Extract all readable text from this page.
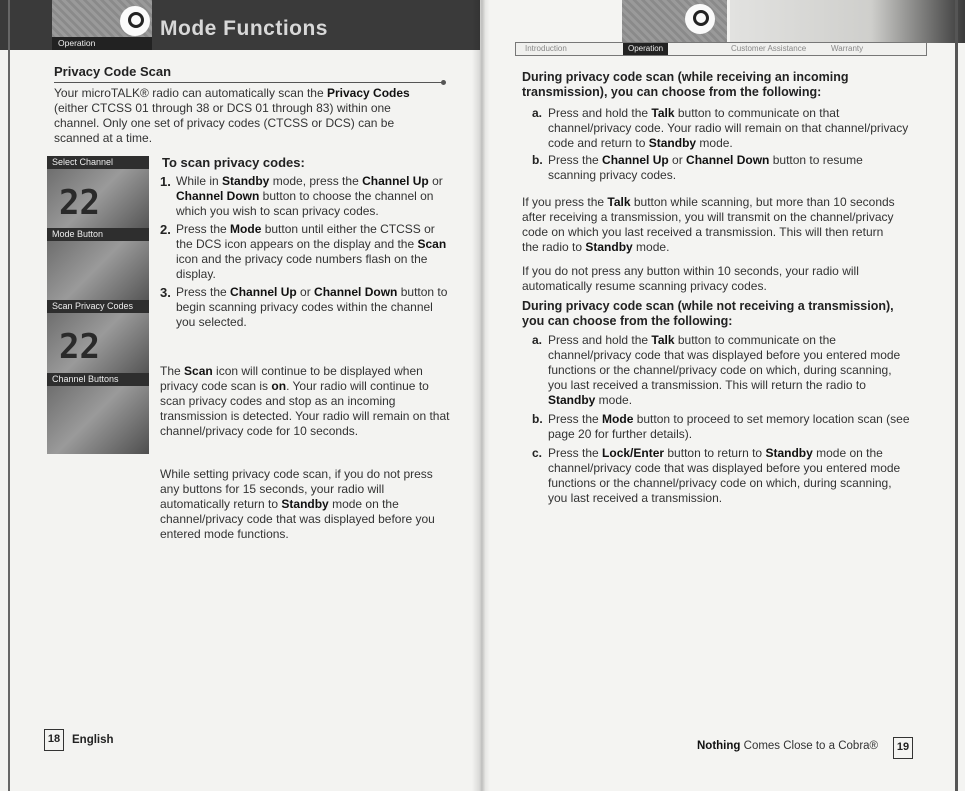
Operation
Mode Functions
Privacy Code Scan
Your microTALK® radio can automatically scan the Privacy Codes (either CTCSS 01 through 38 or DCS 01 through 83) within one channel. Only one set of privacy codes (CTCSS or DCS) can be scanned at a time.
Select Channel
22
Mode Button
Scan Privacy Codes
22
Channel Buttons
To scan privacy codes:
1. While in Standby mode, press the Channel Up or Channel Down button to choose the channel on which you wish to scan privacy codes.
2. Press the Mode button until either the CTCSS or the DCS icon appears on the display and the Scan icon and the privacy code numbers flash on the display.
3. Press the Channel Up or Channel Down button to begin scanning privacy codes within the channel you selected.
The Scan icon will continue to be displayed when privacy code scan is on. Your radio will continue to scan privacy codes and stop as an incoming transmission is detected. Your radio will remain on that channel/privacy code for 10 seconds.
While setting privacy code scan, if you do not press any buttons for 15 seconds, your radio will automatically return to Standby mode on the channel/privacy code that was displayed before you entered mode functions.
18	English
Introduction	Operation	Customer Assistance	Warranty
During privacy code scan (while receiving an incoming transmission), you can choose from the following:
a. Press and hold the Talk button to communicate on that channel/privacy code. Your radio will remain on that channel/privacy code and return to Standby mode.
b. Press the Channel Up or Channel Down button to resume scanning privacy codes.
If you press the Talk button while scanning, but more than 10 seconds after receiving a transmission, you will transmit on the channel/privacy code on which you last received a transmission. This will then return the radio to Standby mode.
If you do not press any button within 10 seconds, your radio will automatically resume scanning privacy codes.
During privacy code scan (while not receiving a transmission), you can choose from the following:
a. Press and hold the Talk button to communicate on the channel/privacy code that was displayed before you entered mode functions or the channel/privacy code on which, during scanning, you last received a transmission. This will return the radio to Standby mode.
b. Press the Mode button to proceed to set memory location scan (see page 20 for further details).
c. Press the Lock/Enter button to return to Standby mode on the channel/privacy code that was displayed before you entered mode functions or the channel/privacy code on which, during scanning, you last received a transmission.
Nothing Comes Close to a Cobra®	19
